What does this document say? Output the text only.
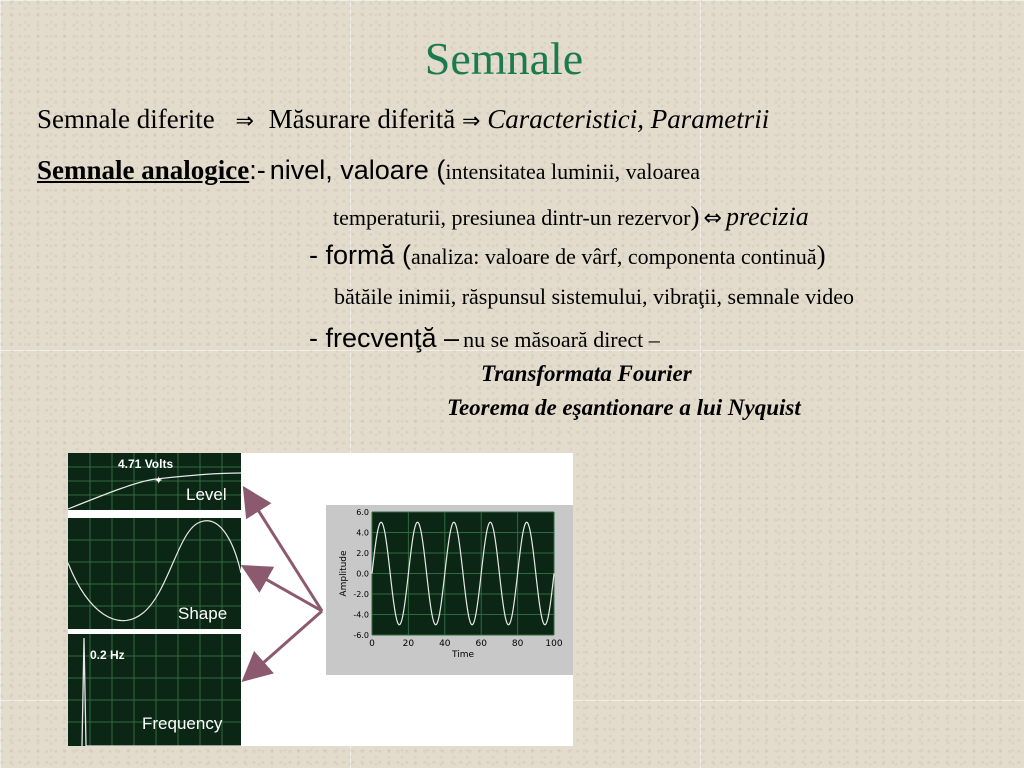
Semnale
Semnale diferite ⇒ Măsurare diferită ⇒ Caracteristici, Parametrii
Semnale analogice:- nivel, valoare (intensitatea luminii, valoarea
temperaturii, presiunea dintr-un rezervor) ⇔ precizia
- formă (analiza: valoare de vârf, componenta continuă)
bătăile inimii, răspunsul sistemului, vibraţii, semnale video
- frecvenţă – nu se măsoară direct –
Transformata Fourier
Teorema de eşantionare a lui Nyquist
✦
4.71 Volts
Level
Shape
0.2 Hz
Frequency
0	20	40	60	80 100
6.0
4.0
2.0
0.0
-2.0
-4.0
-6.0
Time
Amplitude
